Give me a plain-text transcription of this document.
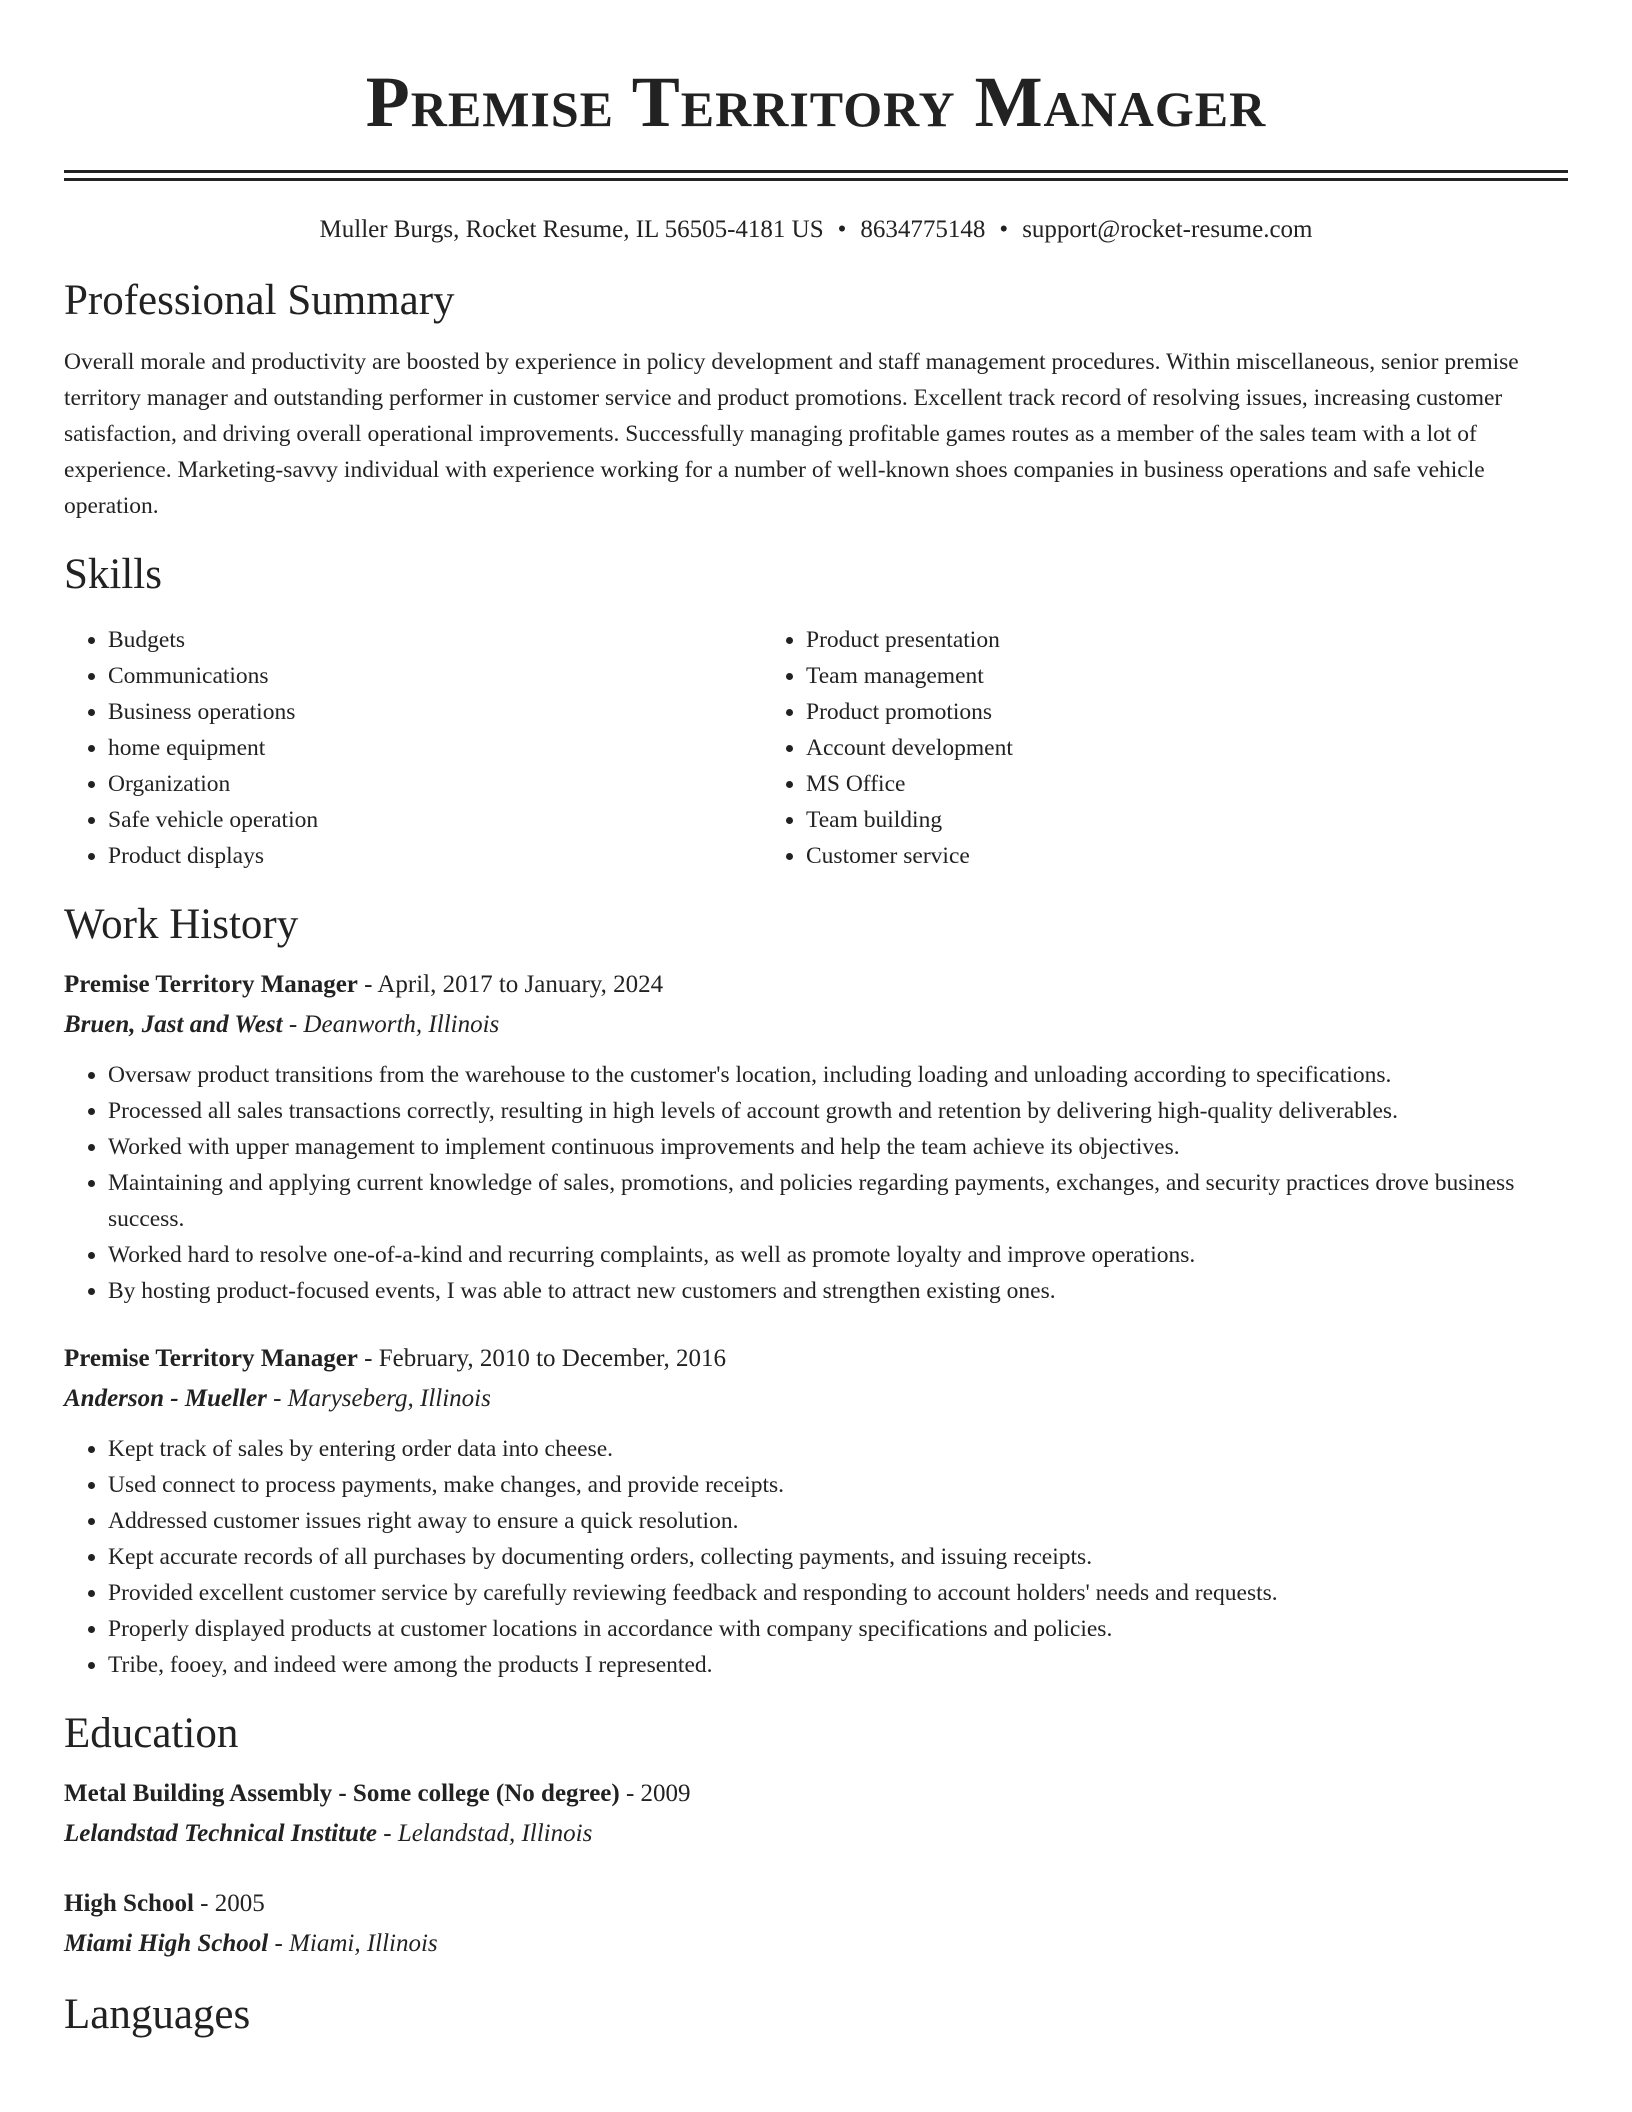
Premise Territory Manager
Muller Burgs, Rocket Resume, IL 56505-4181 US • 8634775148 • support@rocket-resume.com
Professional Summary

Overall morale and productivity are boosted by experience in policy development and staff management procedures. Within miscellaneous, senior premise territory manager and outstanding performer in customer service and product promotions. Excellent track record of resolving issues, increasing customer satisfaction, and driving overall operational improvements. Successfully managing profitable games routes as a member of the sales team with a lot of experience. Marketing-savvy individual with experience working for a number of well-known shoes companies in business operations and safe vehicle operation.

Skills
• Budgets
• Communications
• Business operations
• home equipment
• Organization
• Safe vehicle operation
• Product displays
• Product presentation
• Team management
• Product promotions
• Account development
• MS Office
• Team building
• Customer service
Work History
Premise Territory Manager - April, 2017 to January, 2024
Bruen, Jast and West - Deanworth, Illinois
• Oversaw product transitions from the warehouse to the customer's location, including loading and unloading according to specifications.
• Processed all sales transactions correctly, resulting in high levels of account growth and retention by delivering high-quality deliverables.
• Worked with upper management to implement continuous improvements and help the team achieve its objectives.
• Maintaining and applying current knowledge of sales, promotions, and policies regarding payments, exchanges, and security practices drove business success.
• Worked hard to resolve one-of-a-kind and recurring complaints, as well as promote loyalty and improve operations.
• By hosting product-focused events, I was able to attract new customers and strengthen existing ones.
Premise Territory Manager - February, 2010 to December, 2016
Anderson - Mueller - Maryseberg, Illinois
• Kept track of sales by entering order data into cheese.
• Used connect to process payments, make changes, and provide receipts.
• Addressed customer issues right away to ensure a quick resolution.
• Kept accurate records of all purchases by documenting orders, collecting payments, and issuing receipts.
• Provided excellent customer service by carefully reviewing feedback and responding to account holders' needs and requests.
• Properly displayed products at customer locations in accordance with company specifications and policies.
• Tribe, fooey, and indeed were among the products I represented.
Education
Metal Building Assembly - Some college (No degree) - 2009
Lelandstad Technical Institute - Lelandstad, Illinois
High School - 2005
Miami High School - Miami, Illinois
Languages
